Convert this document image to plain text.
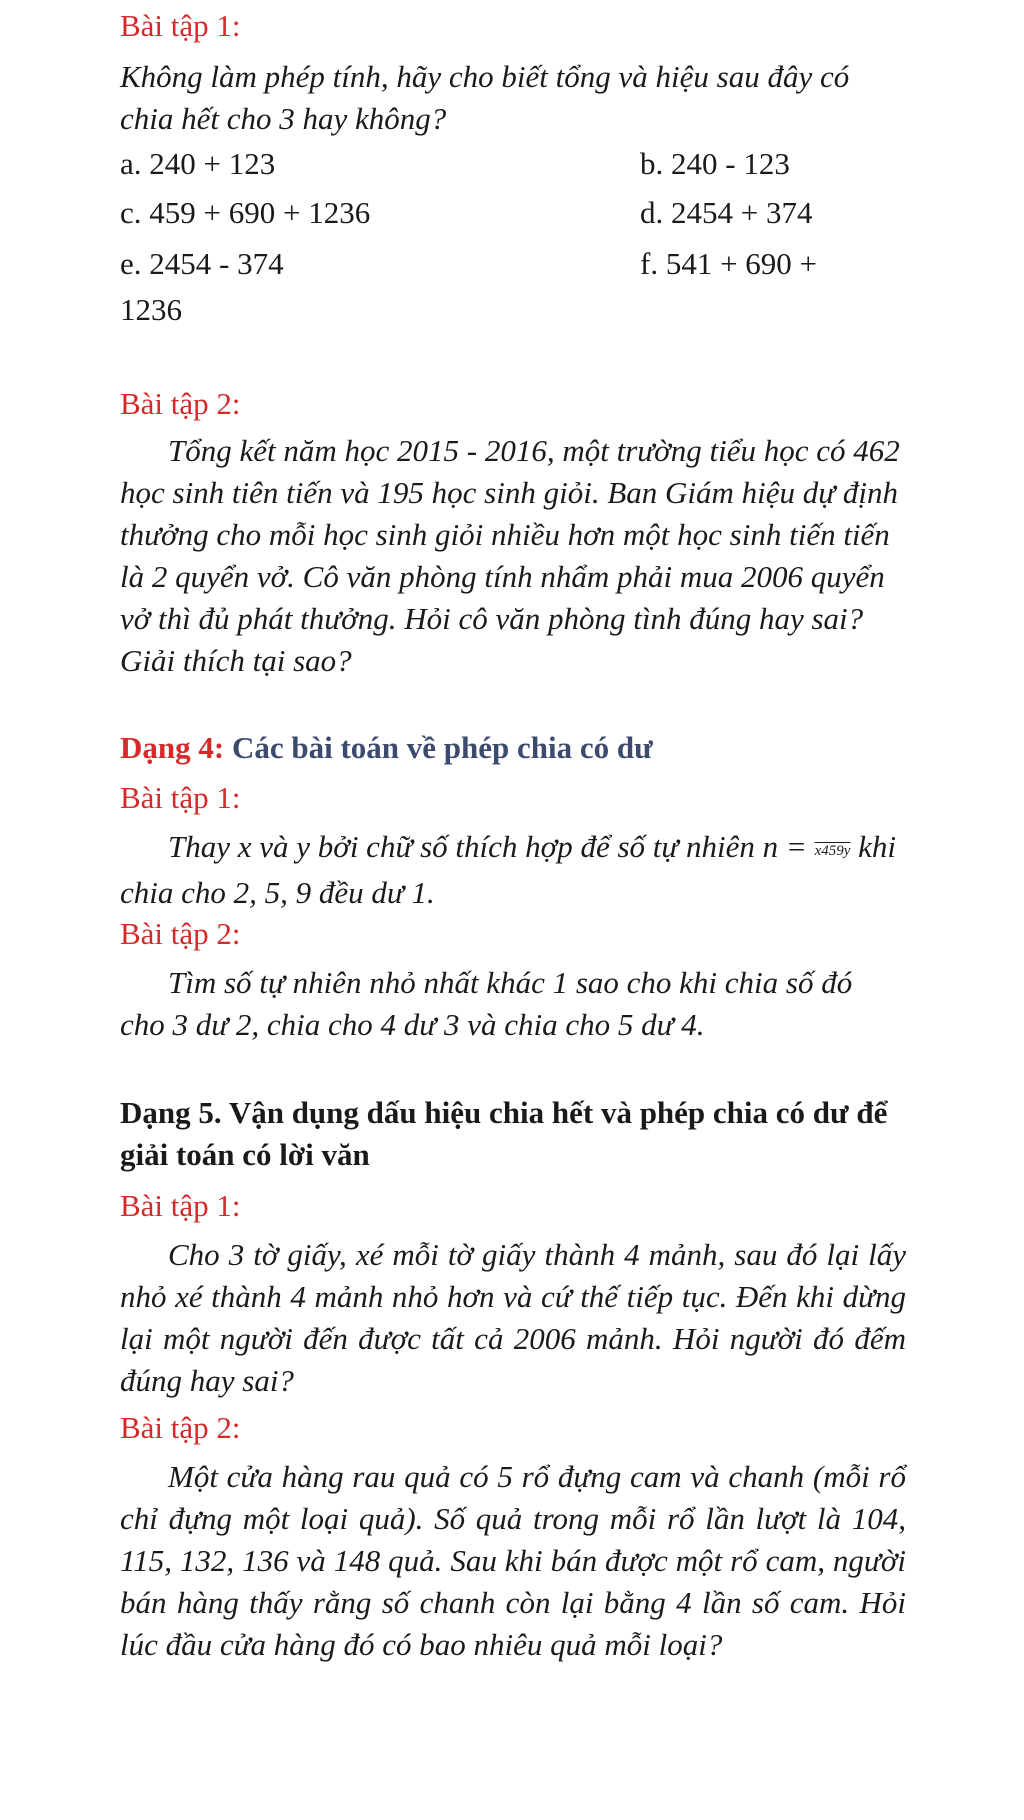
Bài tập 1:

Không làm phép tính, hãy cho biết tổng và hiệu sau đây có chia hết cho 3 hay không?

a. 240 + 123	b. 240 - 123
c. 459 + 690 + 1236	d. 2454 + 374
e. 2454 - 374	f. 541 + 690 +
1236

Bài tập 2:

Tổng kết năm học 2015 - 2016, một trường tiểu học có 462 học sinh tiên tiến và 195 học sinh giỏi. Ban Giám hiệu dự định thưởng cho mỗi học sinh giỏi nhiều hơn một học sinh tiến tiến là 2 quyển vở. Cô văn phòng tính nhẩm phải mua 2006 quyển vở thì đủ phát thưởng. Hỏi cô văn phòng tình đúng hay sai? Giải thích tại sao?

Dạng 4: Các bài toán về phép chia có dư

Bài tập 1:

Thay x và y bởi chữ số thích hợp để số tự nhiên n = x459y khi chia cho 2, 5, 9 đều dư 1.

Bài tập 2:

Tìm số tự nhiên nhỏ nhất khác 1 sao cho khi chia số đó cho 3 dư 2, chia cho 4 dư 3 và chia cho 5 dư 4.

Dạng 5. Vận dụng dấu hiệu chia hết và phép chia có dư để giải toán có lời văn

Bài tập 1:

Cho 3 tờ giấy, xé mỗi tờ giấy thành 4 mảnh, sau đó lại lấy nhỏ xé thành 4 mảnh nhỏ hơn và cứ thế tiếp tục. Đến khi dừng lại một người đến được tất cả 2006 mảnh. Hỏi người đó đếm đúng hay sai?

Bài tập 2:

Một cửa hàng rau quả có 5 rổ đựng cam và chanh (mỗi rổ chỉ đựng một loại quả). Số quả trong mỗi rổ lần lượt là 104, 115, 132, 136 và 148 quả. Sau khi bán được một rổ cam, người bán hàng thấy rằng số chanh còn lại bằng 4 lần số cam. Hỏi lúc đầu cửa hàng đó có bao nhiêu quả mỗi loại?
